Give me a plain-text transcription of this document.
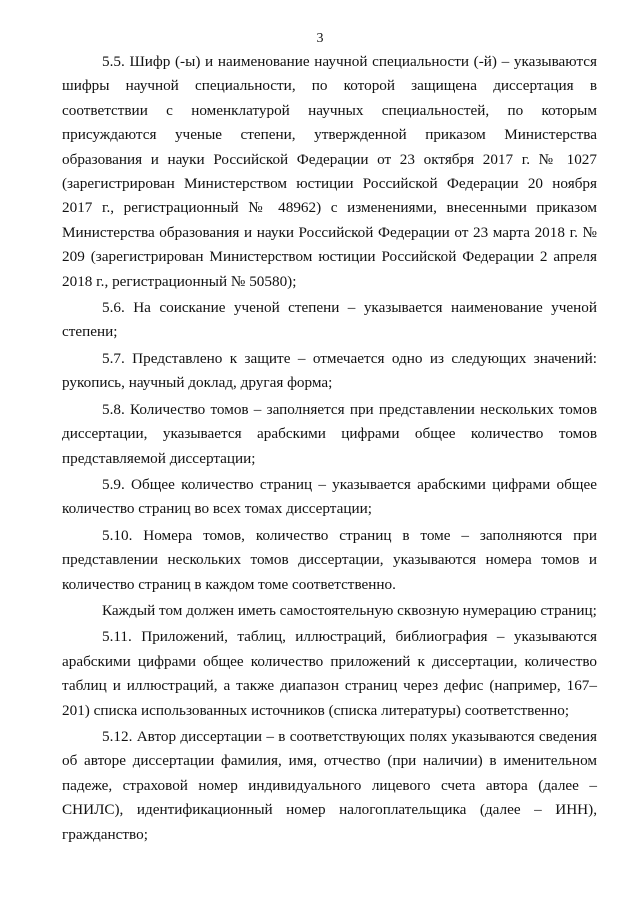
3

5.5. Шифр (-ы) и наименование научной специальности (-й) – указываются шифры научной специальности, по которой защищена диссертация в соответствии с номенклатурой научных специальностей, по которым присуждаются ученые степени, утвержденной приказом Министерства образования и науки Российской Федерации от 23 октября 2017 г. № 1027 (зарегистрирован Министерством юстиции Российской Федерации 20 ноября 2017 г., регистрационный № 48962) с изменениями, внесенными приказом Министерства образования и науки Российской Федерации от 23 марта 2018 г. № 209 (зарегистрирован Министерством юстиции Российской Федерации 2 апреля 2018 г., регистрационный № 50580);

5.6. На соискание ученой степени – указывается наименование ученой степени;

5.7. Представлено к защите – отмечается одно из следующих значений: рукопись, научный доклад, другая форма;

5.8. Количество томов – заполняется при представлении нескольких томов диссертации, указывается арабскими цифрами общее количество томов представляемой диссертации;

5.9. Общее количество страниц – указывается арабскими цифрами общее количество страниц во всех томах диссертации;

5.10. Номера томов, количество страниц в томе – заполняются при представлении нескольких томов диссертации, указываются номера томов и количество страниц в каждом томе соответственно.

Каждый том должен иметь самостоятельную сквозную нумерацию страниц;

5.11. Приложений, таблиц, иллюстраций, библиография – указываются арабскими цифрами общее количество приложений к диссертации, количество таблиц и иллюстраций, а также диапазон страниц через дефис (например, 167–201) списка использованных источников (списка литературы) соответственно;

5.12. Автор диссертации – в соответствующих полях указываются сведения об авторе диссертации фамилия, имя, отчество (при наличии) в именительном падеже, страховой номер индивидуального лицевого счета автора (далее – СНИЛС), идентификационный номер налогоплательщика (далее – ИНН), гражданство;
